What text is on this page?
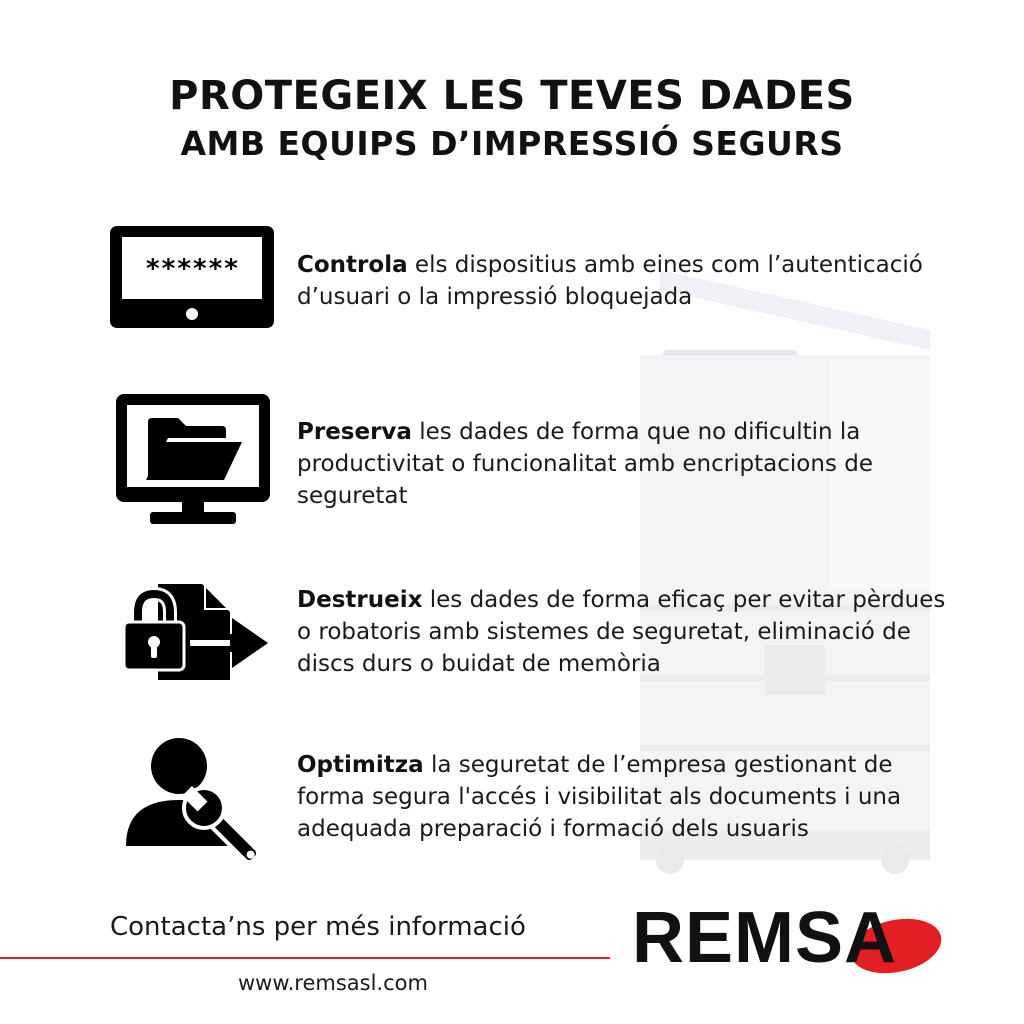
PROTEGEIX LES TEVES DADES
AMB EQUIPS D’IMPRESSIÓ SEGURS
******	Controla els dispositius amb eines com l’autenticació d’usuari o la impressió bloquejada
Preserva les dades de forma que no dificultin la productivitat o funcionalitat amb encriptacions de seguretat
Destrueix les dades de forma eficaç per evitar pèrdues o robatoris amb sistemes de seguretat, eliminació de discs durs o buidat de memòria
Optimitza la seguretat de l’empresa gestionant de forma segura l'accés i visibilitat als documents i una adequada preparació i formació dels usuaris
Contacta’ns per més informació
www.remsasl.com
REMSA
